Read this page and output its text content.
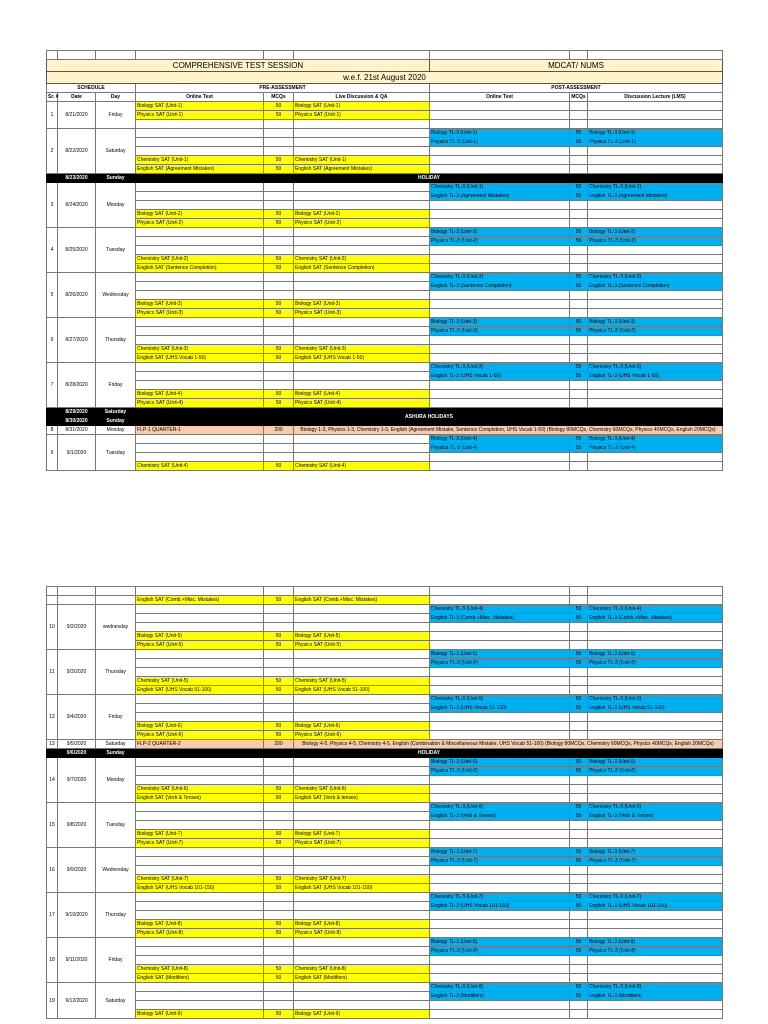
COMPREHENSIVE TEST SESSION						MDCAT/ NUMS		
w.e.f. 21st August 2020								
SCHEDULE			PRE-ASSESSMENT			POST-ASSESSMENT		
Sr. #	Date	Day	Online Test	MCQs	Live Discussion & QA	Online Test	MCQs	Discussion Lecture (LMS)
1	8/21/2020	Friday	Biology SAT (Unit-1)	50	Biology SAT (Unit-1)			
			Physics SAT (Unit-1)	50	Physics SAT (Unit-1)			

2	8/22/2020	Saturday				Biology TL-3 (Unit-1)	50	Biology TL-3 (Unit-1)
						Physics TL-3 (Unit-1)	50	Physics TL-3 (Unit-1)

			Chemistry SAT (Unit-1)	50	Chemistry SAT (Unit-1)			
			English SAT (Agreement Mistakes)	50	English SAT (Agreement Mistakes)			
	8/23/2020	Sunday	HOLIDAY					
3	8/24/2020	Monday				Chemistry TL-3 (Unit-1)	50	Chemistry TL-3 (Unit-1)
						English TL-3 (Agreement Mistakes)	50	English TL-3 (Agreement Mistakes)

			Biology SAT (Unit-2)	50	Biology SAT (Unit-2)			
			Physics SAT (Unit-2)	50	Physics SAT (Unit-2)			
4	8/25/2020	Tuesday				Biology TL-3 (Unit-2)	50	Biology TL-3 (Unit-2)
						Physics TL-3 (Unit-2)	50	Physics TL-3 (Unit-2)

			Chemistry SAT (Unit-2)	50	Chemistry SAT (Unit-2)			
			English SAT (Sentence Completion)	50	English SAT (Sentence Completion)			
5	8/26/2020	Wednesday				Chemistry TL-3 (Unit-2)	50	Chemistry TL-3 (Unit-2)
						English TL-3 (Sentence Completion)	50	English TL-3 (Sentence Completion)

			Biology SAT (Unit-3)	50	Biology SAT (Unit-3)			
			Physics SAT (Unit-3)	50	Physics SAT (Unit-3)			
6	8/27/2020	Thursday				Biology TL-3 (Unit-3)	50	Biology TL-3 (Unit-3)
						Physics TL-3 (Unit-3)	50	Physics TL-3 (Unit-3)

			Chemistry SAT (Unit-3)	50	Chemistry SAT (Unit-3)			
			English SAT (UHS Vocab 1-50)	50	English SAT (UHS Vocab 1-50)			
7	8/28/2020	Friday				Chemistry TL-3 (Unit-3)	50	Chemistry TL-3 (Unit-3)
						English TL-3 (UHS Vocab 1-50)	50	English TL-3 (UHS Vocab 1-50)

			Biology SAT (Unit-4)	50	Biology SAT (Unit-4)			
			Physics SAT (Unit-4)	50	Physics SAT (Unit-4)			
	8/29/2020	Saturday	ASHURA HOLIDAYS					
	8/30/2020	Sunday						
8	8/31/2020	Monday	FLP-1 QUARTER-1	200	Biology 1-3, Physics 1-3, Chemistry 1-3, English (Agreement Mistake, Sentence Completion, UHS Vocab 1-50) (Biology 80MCQs, Chemistry 60MCQs, Physics 40MCQs, English 20MCQs)			

9	9/1/2020	Tuesday				Biology TL-3 (Unit-4)	50	Biology TL-3 (Unit-4)
						Physics TL-3 (Unit-4)	50	Physics TL-3 (Unit-4)

			Chemistry SAT (Unit-4)	50	Chemistry SAT (Unit-4)			

			English SAT (Comb.+Misc. Mistakes)	50	English SAT (Comb.+Misc. Mistakes)			
10	9/2/2020	wednesday				Chemistry TL-3 (Unit-4)	50	Chemistry TL-3 (Unit-4)
						English TL-3 (Comb.+Misc. Mistakes)	50	English TL-3 (Comb.+Misc. Mistakes)

			Biology SAT (Unit-5)	50	Biology SAT (Unit-5)			
			Physics SAT (Unit-5)	50	Physics SAT (Unit-5)			
11	9/3/2020	Thursday				Biology TL-3 (Unit-5)	50	Biology TL-3 (Unit-5)
						Physics TL-3 (Unit-5)	50	Physics TL-3 (Unit-5)

			Chemistry SAT (Unit-5)	50	Chemistry SAT (Unit-5)			
			English SAT (UHS Vocab 51-100)	50	English SAT (UHS Vocab 51-100)			
12	9/4/2020	Friday				Chemistry TL-3 (Unit-5)	50	Chemistry TL-3 (Unit-5)
						English TL-3 (UHS Vocab 51-100)	50	English TL-3 (UHS Vocab 51-100)

			Biology SAT (Unit-6)	50	Biology SAT (Unit-6)			
			Physics SAT (Unit-6)	50	Physics SAT (Unit-6)			
13	9/5/2020	Saturday	FLP-2 QUARTER-2	200	Biology 4-5, Physics 4-5, Chemistry 4-5, English (Combination & Miscellaneous Mistake, UHS Vocab 51-100) (Biology 80MCQs, Chemistry 60MCQs, Physics 40MCQs, English 20MCQs)			

	9/6/2020	Sunday	HOLIDAY					
14	9/7/2020	Monday				Biology TL-3 (Unit-6)	50	Biology TL-3 (Unit-6)
						Physics TL-3 (Unit-6)	50	Physics TL-3 (Unit-6)

			Chemistry SAT (Unit-6)	50	Chemistry SAT (Unit-6)			
			English SAT (Verb & Tenses)	50	English SAT (Verb & tenses)			
15	9/8/2020	Tuesday				Chemistry TL-3 (Unit-6)	50	Chemistry TL-3 (Unit-6)
						English TL-3 (Verb & Tenses)	50	English TL-3 (Verb & Tenses)

			Biology SAT (Unit-7)	50	Biology SAT (Unit-7)			
			Physics SAT (Unit-7)	50	Physics SAT (Unit-7)			
16	9/9/2020	Wednesday				Biology TL-3 (Unit-7)	50	Biology TL-3 (Unit-7)
						Physics TL-3 (Unit-7)	50	Physics TL-3 (Unit-7)

			Chemistry SAT (Unit-7)	50	Chemistry SAT (Unit-7)			
			English SAT (UHS Vocab 101-150)	50	English SAT (UHS Vocab 101-150)			
17	9/10/2020	Thursday				Chemistry TL-3 (Unit-7)	50	Chemistry TL-3 (Unit-7)
						English TL-3 (UHS Vocab 101-150)	50	English TL-3 (UHS Vocab 101-150)

			Biology SAT (Unit-8)	50	Biology SAT (Unit-8)			
			Physics SAT (Unit-8)	50	Physics SAT (Unit-8)			
18	9/11/2020	Friday				Biology TL-3 (Unit-8)	50	Biology TL-3 (Unit-8)
						Physics TL-3 (Unit-8)	50	Physics TL-3 (Unit-8)

			Chemistry SAT (Unit-8)	50	Chemistry SAT (Unit-8)			
			English SAT (Modifiers)	50	English SAT (Modifiers)			
19	9/12/2020	Saturday				Chemistry TL-3 (Unit-8)	50	Chemistry TL-3 (Unit-8)
						English TL-3 (Modifiers)	50	English TL-3 (Modifiers)

			Biology SAT (Unit-9)	50	Biology SAT (Unit-9)			
